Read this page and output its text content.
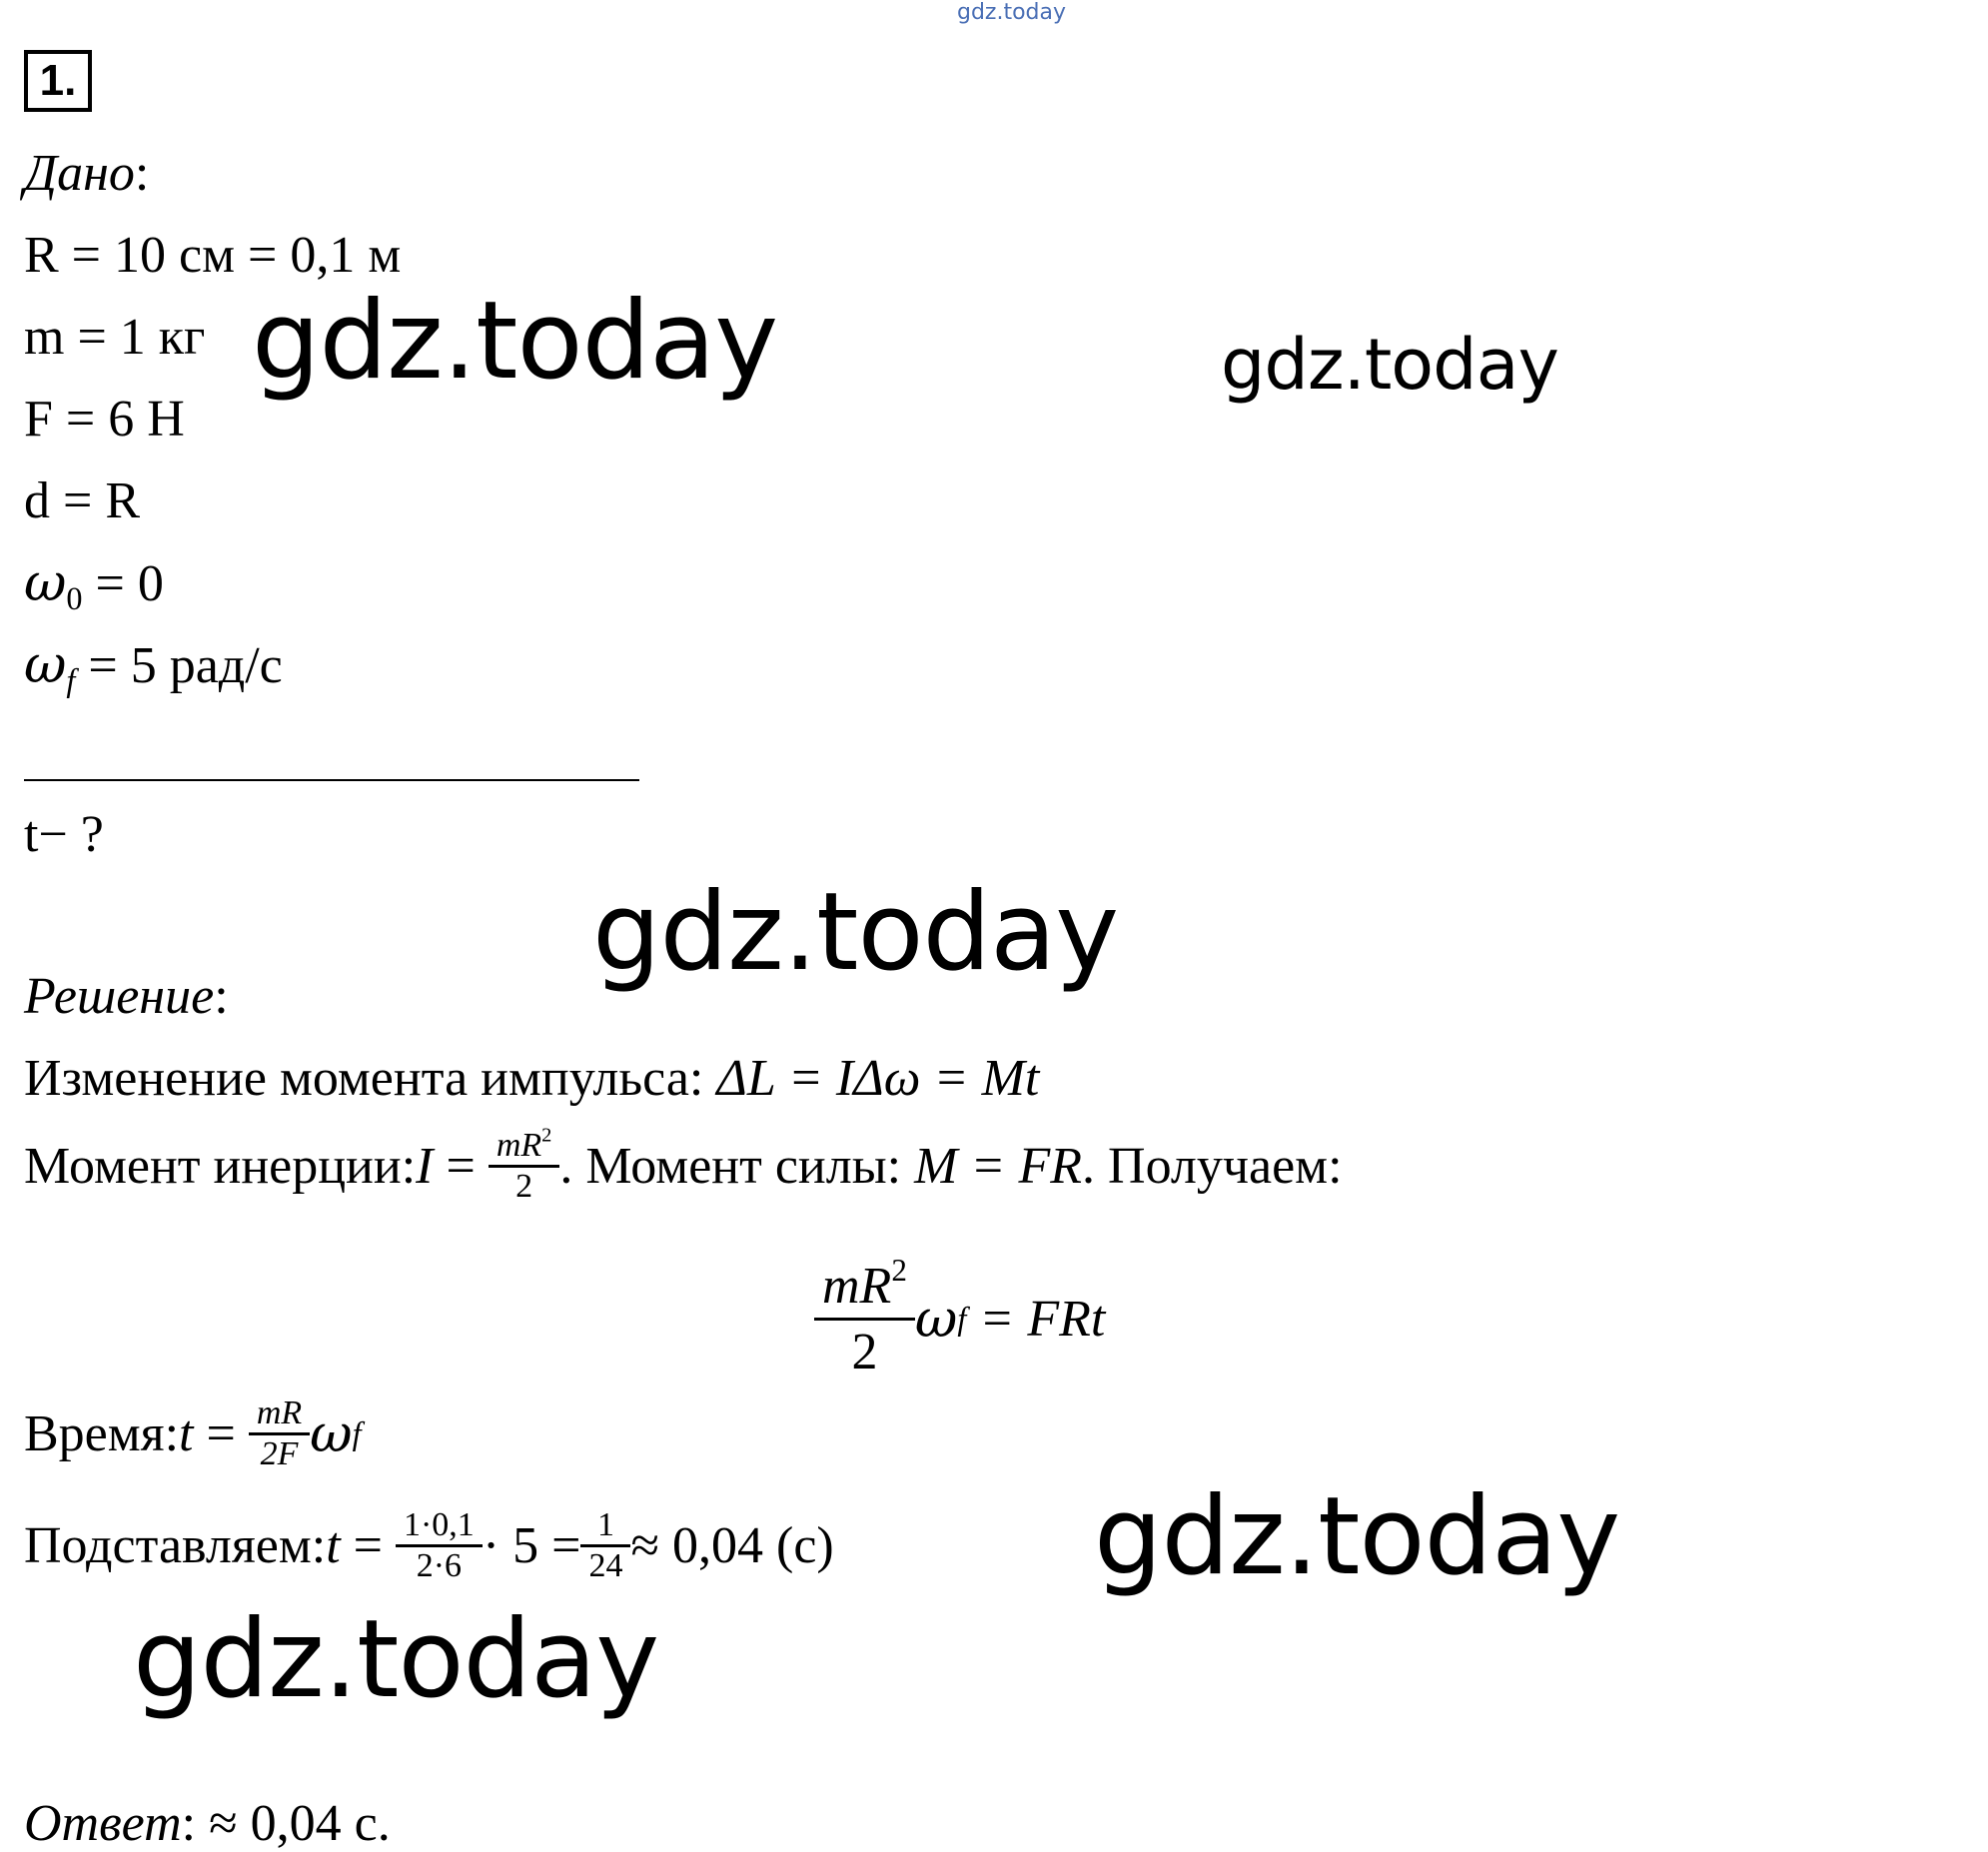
gdz.today
gdz.today	gdz.today
gdz.today
gdz.today
gdz.today
1.
Дано:
R = 10 см = 0,1 м
m = 1 кг
F = 6 Н
d = R
$\omega_0 = 0$
$\omega_f = 5$ рад/с
t− ?
Решение:
Изменение момента импульса: ΔL = IΔω = Mt
Момент инерции: $I = \frac{mR^2}{2}$ . Момент силы:
M = FR . Получаем:
$\frac{mR^2}{2}$ ω f
= FRt
Время: $t = \frac{mR}{2F}$ ω f
Подставляем: $t = \frac{1\cdot 0,1}{2\cdot 6} \cdot 5 = \frac{1}{24} \approx 0,04$ (c)
Ответ: ≈ 0,04 с.
